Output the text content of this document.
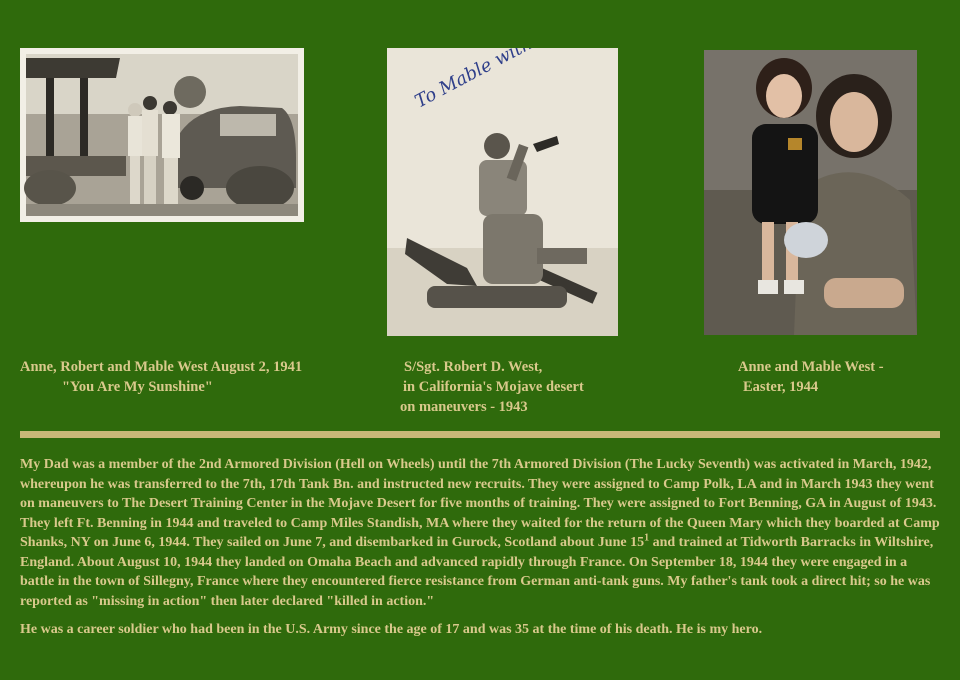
Anne, Robert and Mable West August 2, 1941
"You Are My Sunshine"
S/Sgt. Robert D. West,
in California's Mojave desert
on maneuvers - 1943
Anne and Mable West -
Easter, 1944

My Dad was a member of the 2nd Armored Division (Hell on Wheels) until the 7th Armored Division (The Lucky Seventh) was activated in March, 1942, whereupon he was transferred to the 7th, 17th Tank Bn. and instructed new recruits. They were assigned to Camp Polk, LA and in March 1943 they went on maneuvers to The Desert Training Center in the Mojave Desert for five months of training. They were assigned to Fort Benning, GA in August of 1943. They left Ft. Benning in 1944 and traveled to Camp Miles Standish, MA where they waited for the return of the Queen Mary which they boarded at Camp Shanks, NY on June 6, 1944. They sailed on June 7, and disembarked in Gurock, Scotland about June $15^1$ and trained at Tidworth Barracks in Wiltshire, England. About August 10, 1944 they landed on Omaha Beach and advanced rapidly through France. On September 18, 1944 they were engaged in a battle in the town of Sillegny, France where they encountered fierce resistance from German anti-tank guns. My father's tank took a direct hit; so he was reported as "missing in action" then later declared "killed in action."

He was a career soldier who had been in the U.S. Army since the age of 17 and was 35 at the time of his death. He is my hero.
